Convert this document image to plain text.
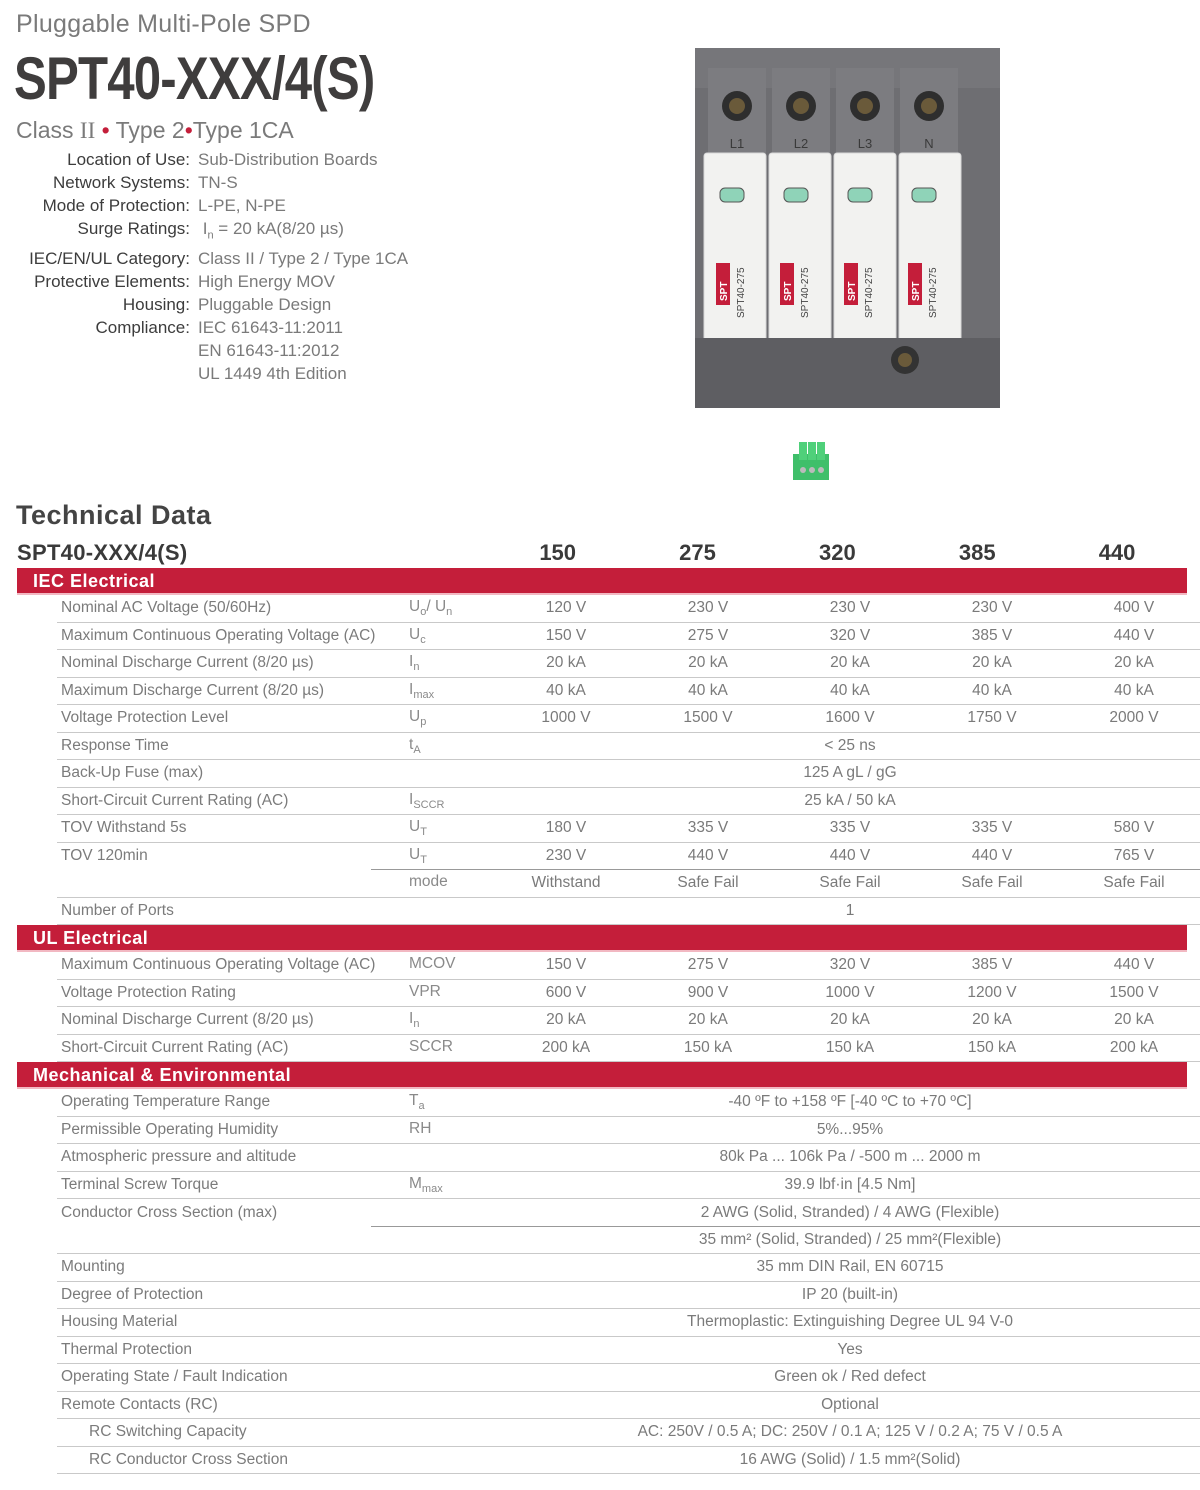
Pluggable Multi-Pole SPD
SPT40-XXX/4(S)
Class II • Type 2•Type 1CA
Location of Use: Sub-Distribution Boards
Network Systems: TN-S
Mode of Protection: L-PE, N-PE
Surge Ratings: $I_n = 20$ kA(8/20 µs)
IEC/EN/UL Category: Class II / Type 2 / Type 1CA
Protective Elements: High Energy MOV
Housing: Pluggable Design
Compliance: IEC 61643-11:2011
EN 61643-11:2012
UL 1449 4th Edition
L1
SPT SPT40-275
L2
SPT SPT40-275
L3
SPT SPT40-275
N
SPT SPT40-275
Technical Data
SPT40-XXX/4(S)	150	275	320	385	440
IEC Electrical
Nominal AC Voltage (50/60Hz)	$U_o/$ $U_n$	120 V	230 V	230 V	230 V	400 V
Maximum Continuous Operating Voltage (AC)	$U_c$	150 V	275 V	320 V	385 V	440 V
Nominal Discharge Current (8/20 µs)	$I_n$	20 kA	20 kA	20 kA	20 kA	20 kA
Maximum Discharge Current (8/20 µs)	$I_{max}$	40 kA	40 kA	40 kA	40 kA	40 kA
Voltage Protection Level	$U_p$	1000 V	1500 V	1600 V	1750 V	2000 V
Response Time	$t_A$	< 25 ns
Back-Up Fuse (max)	125 A gL / gG
Short-Circuit Current Rating (AC)	$I_{SCCR}$	25 kA / 50 kA
TOV Withstand 5s	$U_T$	180 V	335 V	335 V	335 V	580 V
TOV 120min	$U_T$	230 V	440 V	440 V	440 V	765 V
mode	Withstand	Safe Fail	Safe Fail	Safe Fail	Safe Fail
Number of Ports	1
UL Electrical
Maximum Continuous Operating Voltage (AC)	MCOV	150 V	275 V	320 V	385 V	440 V
Voltage Protection Rating	VPR	600 V	900 V	1000 V	1200 V	1500 V
Nominal Discharge Current (8/20 µs)	$I_n$	20 kA	20 kA	20 kA	20 kA	20 kA
Short-Circuit Current Rating (AC)	SCCR	200 kA	150 kA	150 kA	150 kA	200 kA
Mechanical & Environmental
Operating Temperature Range	$T_a$	-40 ºF to +158 ºF [-40 ºC to +70 ºC]
Permissible Operating Humidity	RH	5%...95%
Atmospheric pressure and altitude	80k Pa ... 106k Pa / -500 m ... 2000 m
Terminal Screw Torque	$M_{max}$	39.9 lbf·in [4.5 Nm]
Conductor Cross Section (max)	2 AWG (Solid, Stranded) / 4 AWG (Flexible)
35 mm² (Solid, Stranded) / 25 mm²(Flexible)
Mounting	35 mm DIN Rail, EN 60715
Degree of Protection	IP 20 (built-in)
Housing Material	Thermoplastic: Extinguishing Degree UL 94 V-0
Thermal Protection	Yes
Operating State / Fault Indication	Green ok / Red defect
Remote Contacts (RC)	Optional
RC Switching Capacity	AC: 250V / 0.5 A; DC: 250V / 0.1 A; 125 V / 0.2 A; 75 V / 0.5 A
RC Conductor Cross Section	16 AWG (Solid) / 1.5 mm²(Solid)
